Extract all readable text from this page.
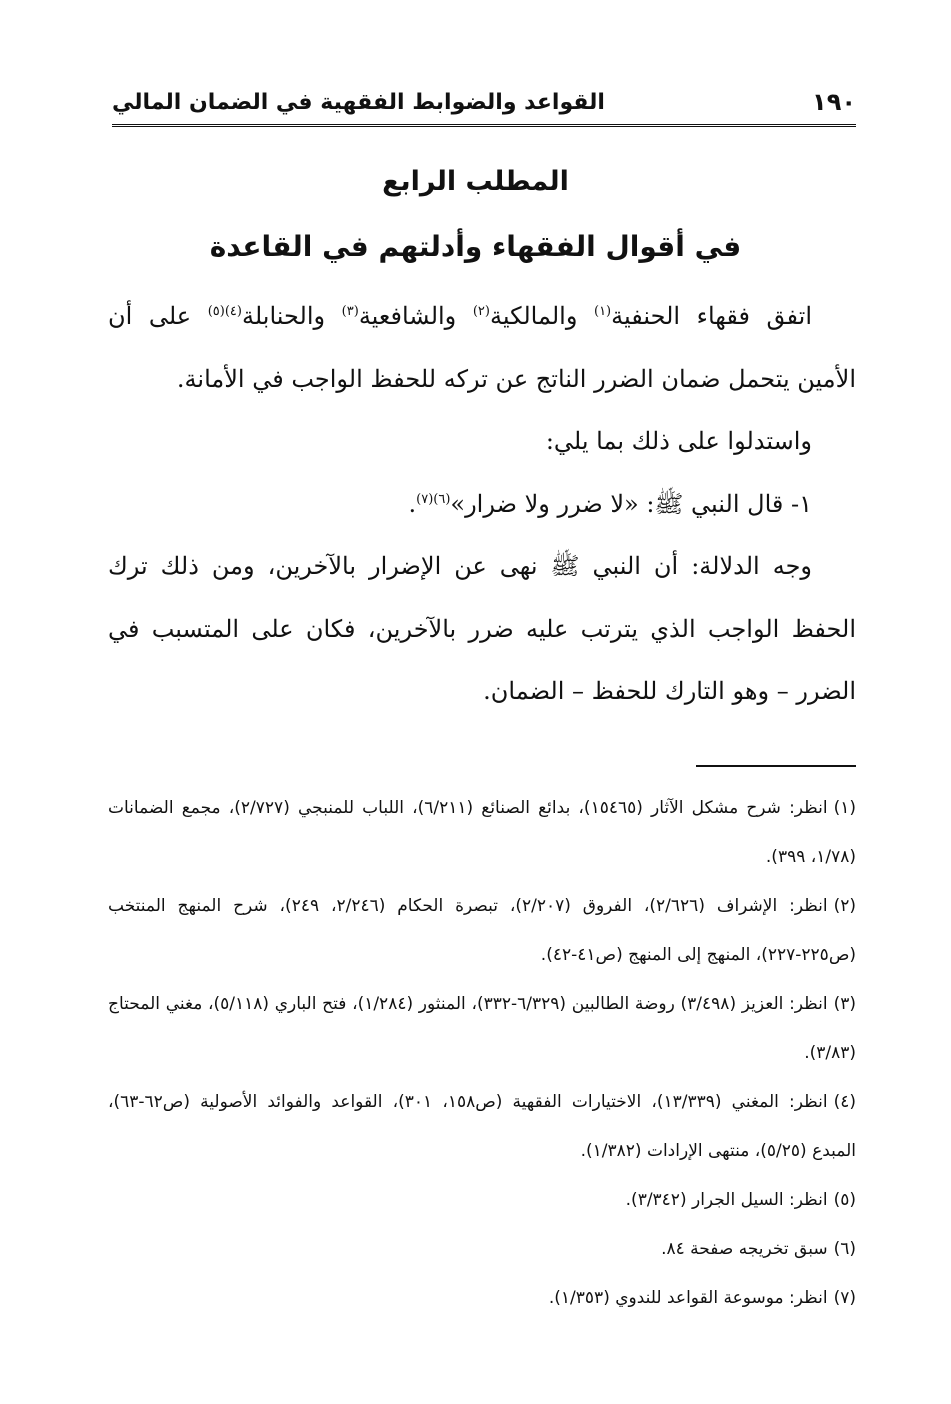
١٩٠
القواعد والضوابط الفقهية في الضمان المالي
المطلب الرابع
في أقوال الفقهاء وأدلتهم في القاعدة

اتفق فقهاء الحنفية$^{(١)}$ والمالكية$^{(٢)}$ والشافعية$^{(٣)}$ والحنابلة$^{(٤)(٥)}$ على أن الأمين يتحمل ضمان الضرر الناتج عن تركه للحفظ الواجب في الأمانة.

واستدلوا على ذلك بما يلي:

١- قال النبي ﷺ: «لا ضرر ولا ضرار»$^{(٦)(٧)}$.

وجه الدلالة: أن النبي ﷺ نهى عن الإضرار بالآخرين، ومن ذلك ترك الحفظ الواجب الذي يترتب عليه ضرر بالآخرين، فكان على المتسبب في الضرر – وهو التارك للحفظ – الضمان.

(١)انظر: شرح مشكل الآثار (١٥٤٦٥)، بدائع الصنائع (٦/٢١١)، اللباب للمنبجي (٢/٧٢٧)، مجمع الضمانات (١/٧٨، ٣٩٩).

(٢)انظر: الإشراف (٢/٦٢٦)، الفروق (٢/٢٠٧)، تبصرة الحكام (٢/٢٤٦، ٢٤٩)، شرح المنهج المنتخب (ص٢٢٥-٢٢٧)، المنهج إلى المنهج (ص٤١-٤٢).

(٣)انظر: العزيز (٣/٤٩٨) روضة الطالبين (٦/٣٢٩-٣٣٢)، المنثور (١/٢٨٤)، فتح الباري (٥/١١٨)، مغني المحتاج (٣/٨٣).

(٤)انظر: المغني (١٣/٣٣٩)، الاختيارات الفقهية (ص١٥٨، ٣٠١)، القواعد والفوائد الأصولية (ص٦٢-٦٣)، المبدع (٥/٢٥)، منتهى الإرادات (١/٣٨٢).

(٥)انظر: السيل الجرار (٣/٣٤٢).

(٦)سبق تخريجه صفحة ٨٤.

(٧)انظر: موسوعة القواعد للندوي (١/٣٥٣).
